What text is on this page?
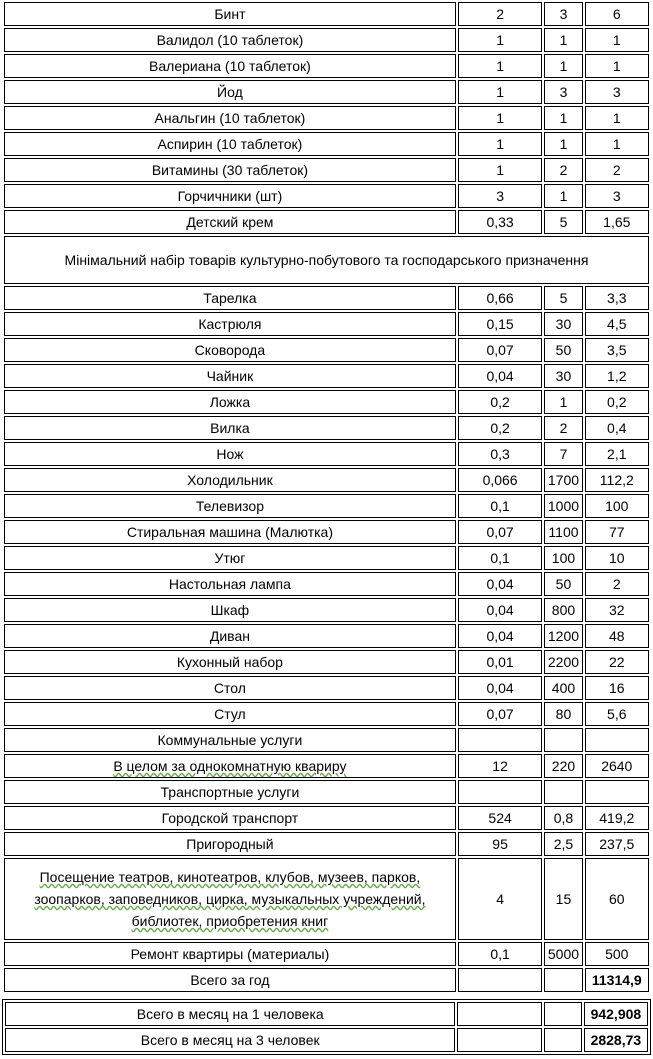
Бинт	2	3	6
Валидол (10 таблеток)	1	1	1
Валериана (10 таблеток)	1	1	1
Йод	1	3	3
Анальгин (10 таблеток)	1	1	1
Аспирин (10 таблеток)	1	1	1
Витамины (30 таблеток)	1	2	2
Горчичники (шт)	3	1	3
Детский крем	0,33	5	1,65
Мінімальний набір товарів культурно-побутового та господарського призначення			
Тарелка	0,66	5	3,3
Кастрюля	0,15	30	4,5
Сковорода	0,07	50	3,5
Чайник	0,04	30	1,2
Ложка	0,2	1	0,2
Вилка	0,2	2	0,4
Нож	0,3	7	2,1
Холодильник	0,066	1700	112,2
Телевизор	0,1	1000	100
Стиральная машина (Малютка)	0,07	1100	77
Утюг	0,1	100	10
Настольная лампа	0,04	50	2
Шкаф	0,04	800	32
Диван	0,04	1200	48
Кухонный набор	0,01	2200	22
Стол	0,04	400	16
Стул	0,07	80	5,6
Коммунальные услуги			
В целом за однокомнатную квариру	12	220	2640
Транспортные услуги			
Городской транспорт	524	0,8	419,2
Пригородный	95	2,5	237,5
Посещение театров, кинотеатров, клубов, музеев, парков, зоопарков, заповедников, цирка, музыкальных учреждений, библиотек, приобретения книг	4	15	60
Ремонт квартиры (материалы)	0,1	5000	500
Всего за год			11314,9
Всего в месяц на 1 человека			942,908
Всего в месяц на 3 человек			2828,73
